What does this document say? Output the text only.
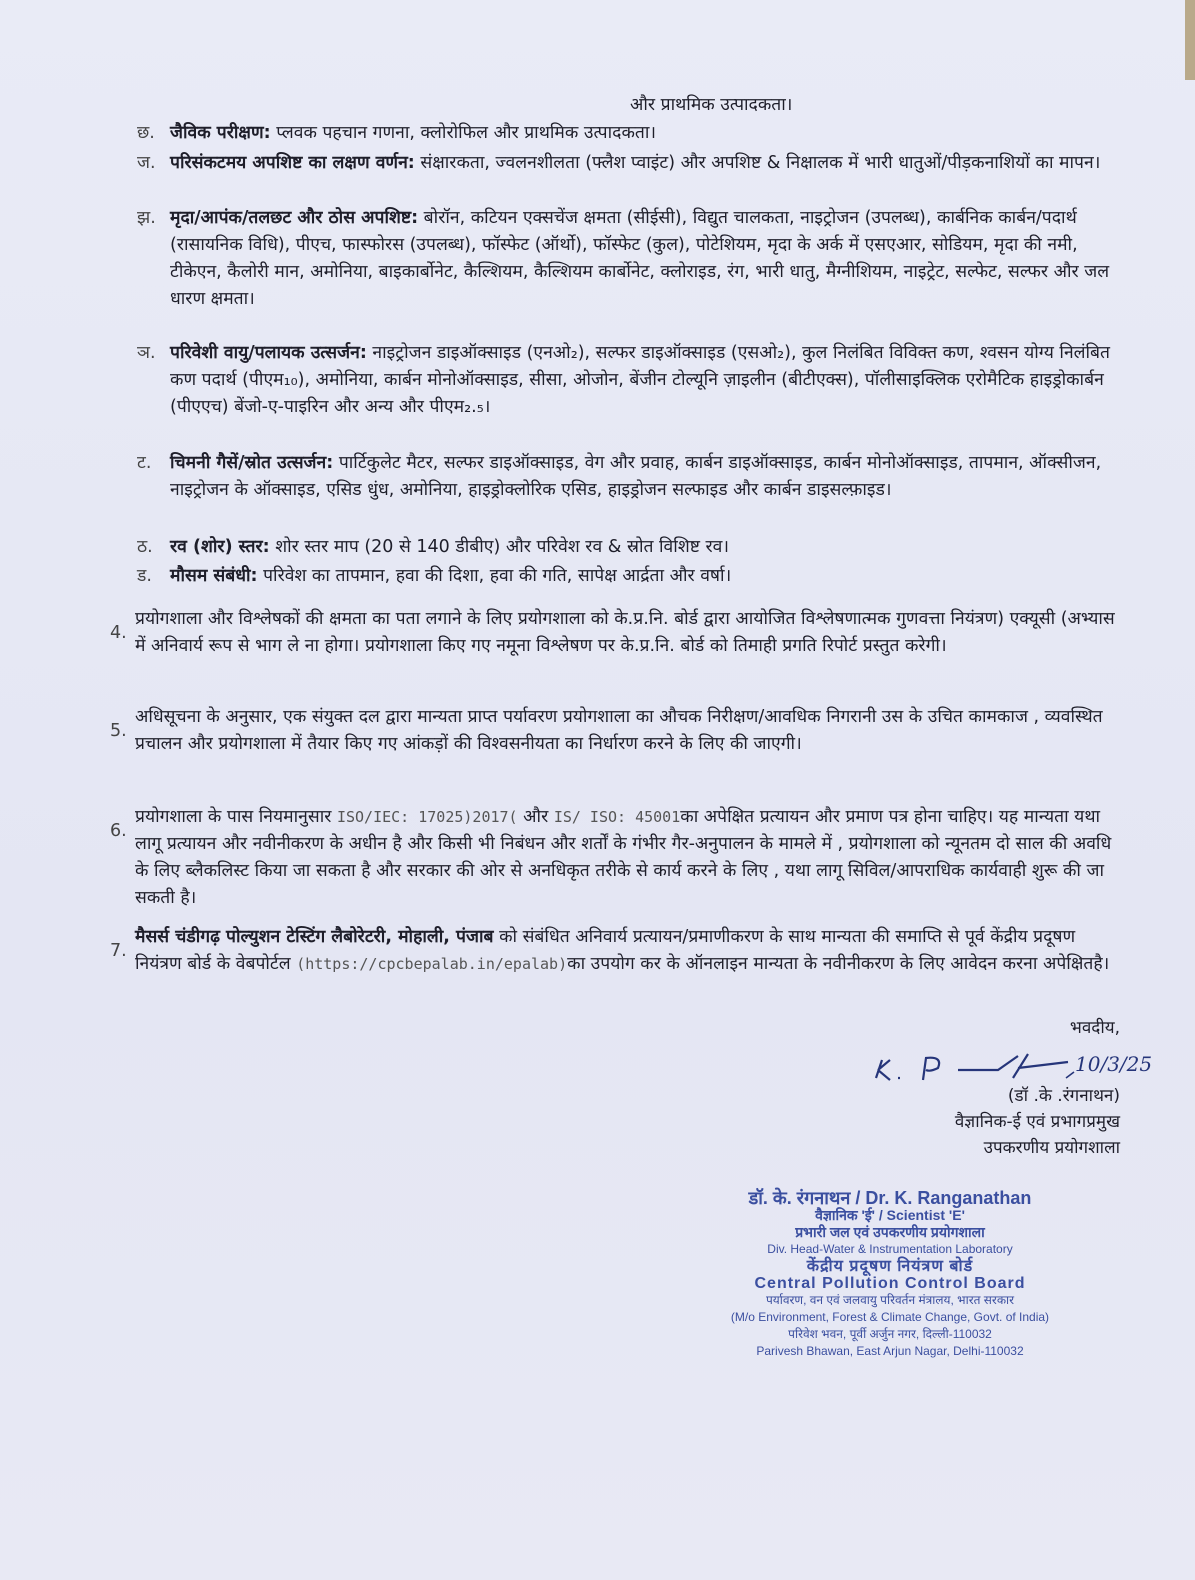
और प्राथमिक उत्पादकता।
छ. जैविक परीक्षण: प्लवक पहचान गणना, क्लोरोफिल और प्राथमिक उत्पादकता।
ज. परिसंकटमय अपशिष्ट का लक्षण वर्णन: संक्षारकता, ज्वलनशीलता (फ्लैश प्वाइंट) और अपशिष्ट & निक्षालक में भारी धातुओं/पीड़कनाशियों का मापन।
झ. मृदा/आपंक/तलछट और ठोस अपशिष्ट: बोरॉन, कटियन एक्सचेंज क्षमता (सीईसी), विद्युत चालकता, नाइट्रोजन (उपलब्ध), कार्बनिक कार्बन/पदार्थ (रासायनिक विधि), पीएच, फास्फोरस (उपलब्ध), फॉस्फेट (ऑर्थो), फॉस्फेट (कुल), पोटेशियम, मृदा के अर्क में एसएआर, सोडियम, मृदा की नमी, टीकेएन, कैलोरी मान, अमोनिया, बाइकार्बोनेट, कैल्शियम, कैल्शियम कार्बोनेट, क्लोराइड, रंग, भारी धातु, मैग्नीशियम, नाइट्रेट, सल्फेट, सल्फर और जल धारण क्षमता।
ञ. परिवेशी वायु/पलायक उत्सर्जन: नाइट्रोजन डाइऑक्साइड (एनओ₂), सल्फर डाइऑक्साइड (एसओ₂), कुल निलंबित विविक्त कण, श्वसन योग्य निलंबित कण पदार्थ (पीएम₁₀), अमोनिया, कार्बन मोनोऑक्साइड, सीसा, ओजोन, बेंजीन टोल्यूनि ज़ाइलीन (बीटीएक्स), पॉलीसाइक्लिक एरोमैटिक हाइड्रोकार्बन (पीएएच) बेंजो-ए-पाइरिन और अन्य और पीएम₂.₅।
ट. चिमनी गैसें/स्रोत उत्सर्जन: पार्टिकुलेट मैटर, सल्फर डाइऑक्साइड, वेग और प्रवाह, कार्बन डाइऑक्साइड, कार्बन मोनोऑक्साइड, तापमान, ऑक्सीजन, नाइट्रोजन के ऑक्साइड, एसिड धुंध, अमोनिया, हाइड्रोक्लोरिक एसिड, हाइड्रोजन सल्फाइड और कार्बन डाइसल्फ़ाइड।
ठ. रव (शोर) स्तर: शोर स्तर माप (20 से 140 डीबीए) और परिवेश रव & स्रोत विशिष्ट रव।
ड. मौसम संबंधी: परिवेश का तापमान, हवा की दिशा, हवा की गति, सापेक्ष आर्द्रता और वर्षा।
4.
प्रयोगशाला और विश्लेषकों की क्षमता का पता लगाने के लिए प्रयोगशाला को के.प्र.नि. बोर्ड द्वारा आयोजित विश्लेषणात्मक गुणवत्ता नियंत्रण) एक्यूसी (अभ्यास में अनिवार्य रूप से भाग ले ना होगा। प्रयोगशाला किए गए नमूना विश्लेषण पर के.प्र.नि. बोर्ड को तिमाही प्रगति रिपोर्ट प्रस्तुत करेगी।
5.
अधिसूचना के अनुसार, एक संयुक्त दल द्वारा मान्यता प्राप्त पर्यावरण प्रयोगशाला का औचक निरीक्षण/आवधिक निगरानी उस के उचित कामकाज , व्यवस्थित प्रचालन और प्रयोगशाला में तैयार किए गए आंकड़ों की विश्वसनीयता का निर्धारण करने के लिए की जाएगी।
6.
प्रयोगशाला के पास नियमानुसार ISO/IEC: 17025)2017( और IS/ ISO: 45001का अपेक्षित प्रत्यायन और प्रमाण पत्र होना चाहिए। यह मान्यता यथा लागू प्रत्यायन और नवीनीकरण के अधीन है और किसी भी निबंधन और शर्तों के गंभीर गैर-अनुपालन के मामले में , प्रयोगशाला को न्यूनतम दो साल की अवधि के लिए ब्लैकलिस्ट किया जा सकता है और सरकार की ओर से अनधिकृत तरीके से कार्य करने के लिए , यथा लागू सिविल/आपराधिक कार्यवाही शुरू की जा सकती है।
7.
मैसर्स चंडीगढ़ पोल्युशन टेस्टिंग लैबोरेटरी, मोहाली, पंजाब को संबंधित अनिवार्य प्रत्यायन/प्रमाणीकरण के साथ मान्यता की समाप्ति से पूर्व केंद्रीय प्रदूषण नियंत्रण बोर्ड के वेबपोर्टल (https://cpcbepalab.in/epalab)का उपयोग कर के ऑनलाइन मान्यता के नवीनीकरण के लिए आवेदन करना अपेक्षितहै।
भवदीय,
10/3/25
(डॉ .के .रंगनाथन)
वैज्ञानिक-ई एवं प्रभागप्रमुख
उपकरणीय प्रयोगशाला
डॉ. के. रंगनाथन / Dr. K. Ranganathan
वैज्ञानिक 'ई' / Scientist 'E'
प्रभारी जल एवं उपकरणीय प्रयोगशाला
Div. Head-Water & Instrumentation Laboratory
केंद्रीय प्रदूषण नियंत्रण बोर्ड
Central Pollution Control Board
पर्यावरण, वन एवं जलवायु परिवर्तन मंत्रालय, भारत सरकार
(M/o Environment, Forest & Climate Change, Govt. of India)
परिवेश भवन, पूर्वी अर्जुन नगर, दिल्ली-110032
Parivesh Bhawan, East Arjun Nagar, Delhi-110032
